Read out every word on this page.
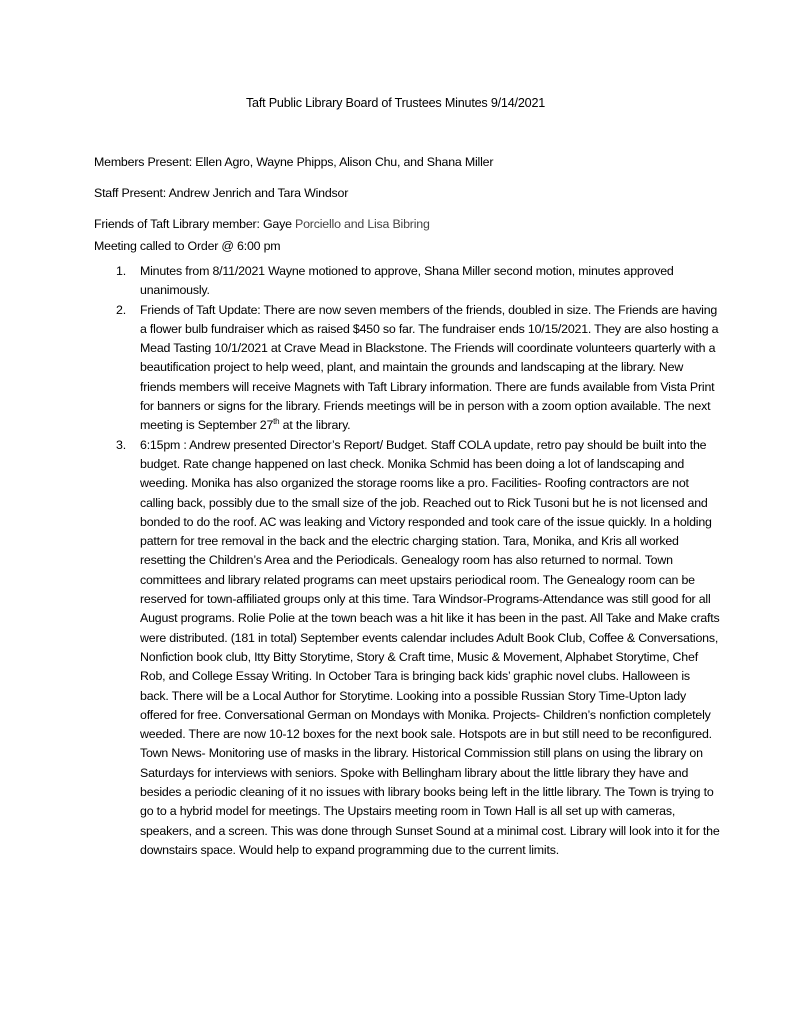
Taft Public Library Board of Trustees Minutes 9/14/2021
Members Present: Ellen Agro, Wayne Phipps, Alison Chu, and Shana Miller
Staff Present: Andrew Jenrich and Tara Windsor
Friends of Taft Library member: Gaye Porciello and Lisa Bibring
Meeting called to Order @ 6:00 pm
1. Minutes from 8/11/2021 Wayne motioned to approve, Shana Miller second motion, minutes approved unanimously.
2. Friends of Taft Update: There are now seven members of the friends, doubled in size. The Friends are having a flower bulb fundraiser which as raised $450 so far. The fundraiser ends 10/15/2021. They are also hosting a Mead Tasting 10/1/2021 at Crave Mead in Blackstone. The Friends will coordinate volunteers quarterly with a beautification project to help weed, plant, and maintain the grounds and landscaping at the library. New friends members will receive Magnets with Taft Library information. There are funds available from Vista Print for banners or signs for the library. Friends meetings will be in person with a zoom option available. The next meeting is September 27th at the library.
3. 6:15pm : Andrew presented Director’s Report/ Budget. Staff COLA update, retro pay should be built into the budget. Rate change happened on last check. Monika Schmid has been doing a lot of landscaping and weeding. Monika has also organized the storage rooms like a pro. Facilities- Roofing contractors are not calling back, possibly due to the small size of the job. Reached out to Rick Tusoni but he is not licensed and bonded to do the roof. AC was leaking and Victory responded and took care of the issue quickly. In a holding pattern for tree removal in the back and the electric charging station. Tara, Monika, and Kris all worked resetting the Children’s Area and the Periodicals. Genealogy room has also returned to normal. Town committees and library related programs can meet upstairs periodical room. The Genealogy room can be reserved for town-affiliated groups only at this time. Tara Windsor-Programs-Attendance was still good for all August programs. Rolie Polie at the town beach was a hit like it has been in the past. All Take and Make crafts were distributed. (181 in total) September events calendar includes Adult Book Club, Coffee & Conversations, Nonfiction book club, Itty Bitty Storytime, Story & Craft time, Music & Movement, Alphabet Storytime, Chef Rob, and College Essay Writing. In October Tara is bringing back kids’ graphic novel clubs. Halloween is back. There will be a Local Author for Storytime. Looking into a possible Russian Story Time-Upton lady offered for free. Conversational German on Mondays with Monika. Projects- Children’s nonfiction completely weeded. There are now 10-12 boxes for the next book sale. Hotspots are in but still need to be reconfigured. Town News- Monitoring use of masks in the library. Historical Commission still plans on using the library on Saturdays for interviews with seniors. Spoke with Bellingham library about the little library they have and besides a periodic cleaning of it no issues with library books being left in the little library. The Town is trying to go to a hybrid model for meetings. The Upstairs meeting room in Town Hall is all set up with cameras, speakers, and a screen. This was done through Sunset Sound at a minimal cost. Library will look into it for the downstairs space. Would help to expand programming due to the current limits.
